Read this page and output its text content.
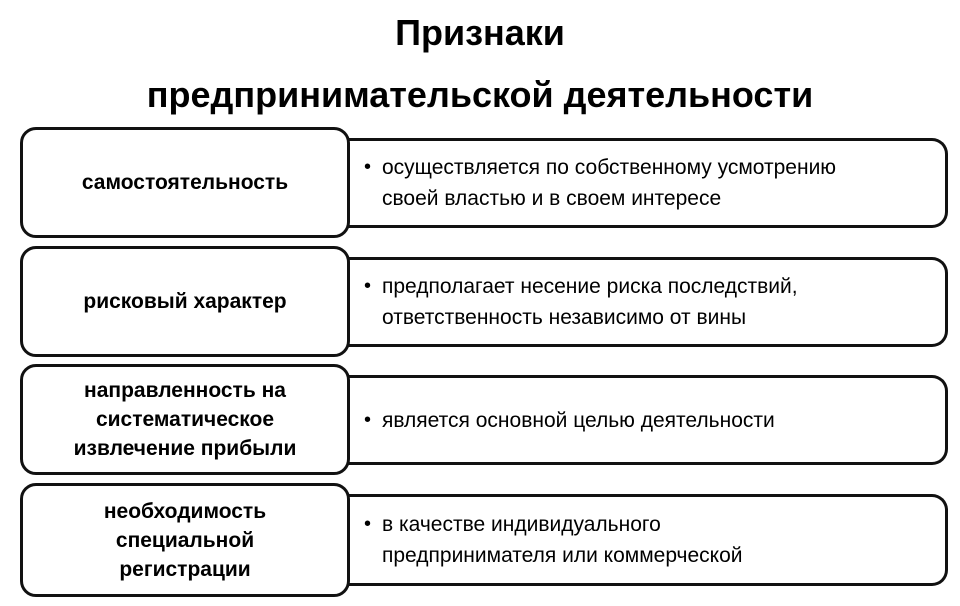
Признаки
предпринимательской деятельности
самостоятельность
• осуществляется по собственному усмотрению
своей властью и в своем интересе
рисковый характер
• предполагает несение риска последствий,
ответственность независимо от вины
направленность на
систематическое
извлечение прибыли
• является основной целью деятельности
необходимость
специальной
регистрации
• в качестве индивидуального
предпринимателя или коммерческой
